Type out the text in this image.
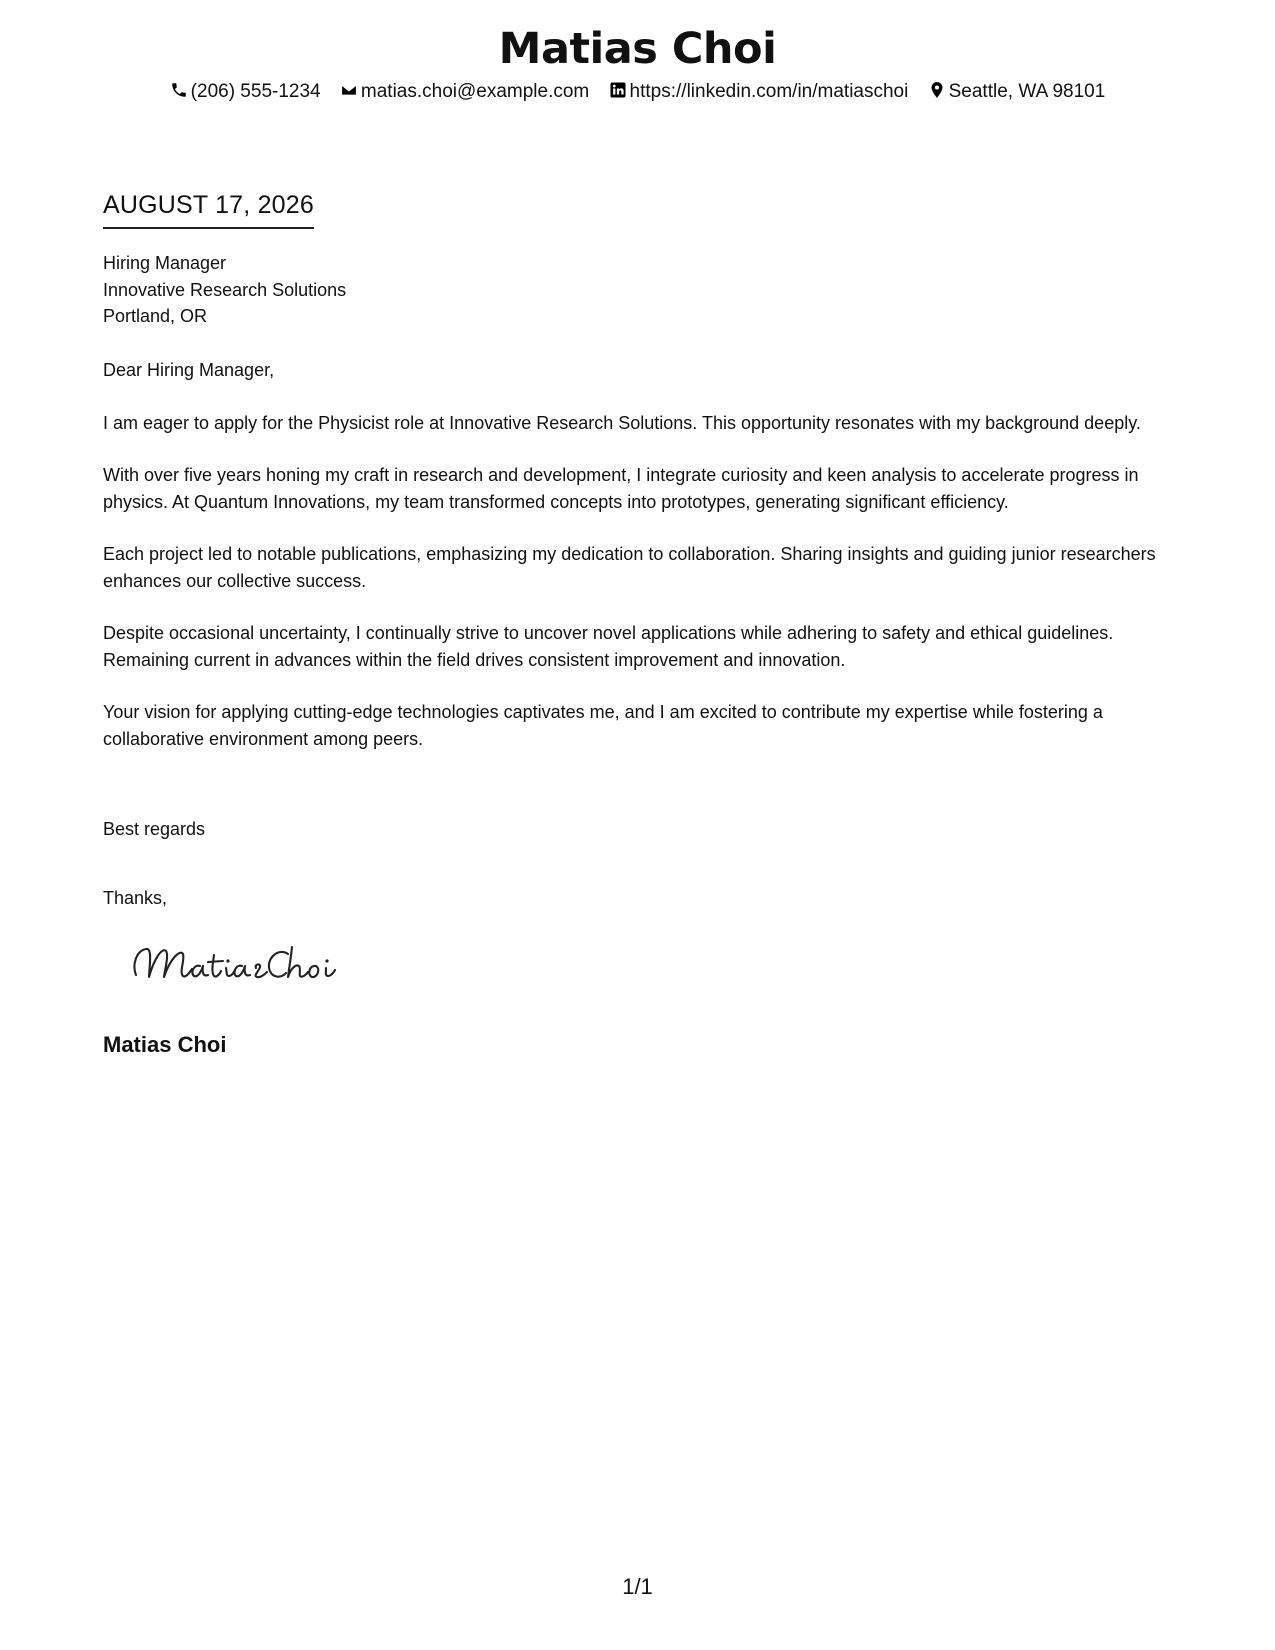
Matias Choi
(206) 555-1234 matias.choi@example.com https://linkedin.com/in/matiaschoi Seattle, WA 98101
AUGUST 17, 2026
Hiring Manager
Innovative Research Solutions
Portland, OR

Dear Hiring Manager,

I am eager to apply for the Physicist role at Innovative Research Solutions. This opportunity resonates with my background deeply.

With over five years honing my craft in research and development, I integrate curiosity and keen analysis to accelerate progress in physics. At Quantum Innovations, my team transformed concepts into prototypes, generating significant efficiency.

Each project led to notable publications, emphasizing my dedication to collaboration. Sharing insights and guiding junior researchers enhances our collective success.

Despite occasional uncertainty, I continually strive to uncover novel applications while adhering to safety and ethical guidelines. Remaining current in advances within the field drives consistent improvement and innovation.

Your vision for applying cutting-edge technologies captivates me, and I am excited to contribute my expertise while fostering a collaborative environment among peers.

Best regards
Thanks,
Matias Choi
1/1
